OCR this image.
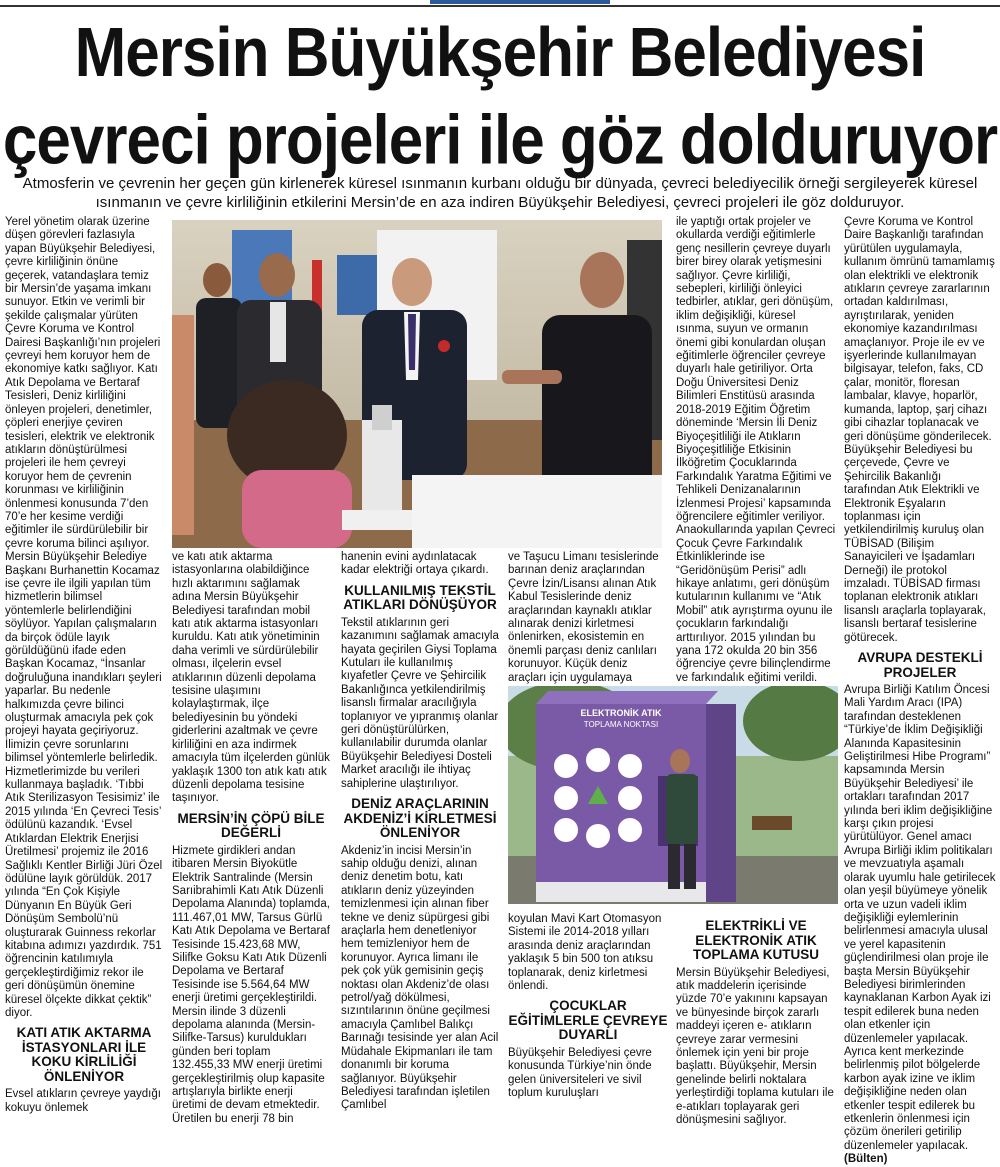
Mersin Büyükşehir Belediyesi
çevreci projeleri ile göz dolduruyor

Atmosferin ve çevrenin her geçen gün kirlenerek küresel ısınmanın kurbanı olduğu bir dünyada, çevreci belediyecilik örneği sergileyerek küresel ısınmanın ve çevre kirliliğinin etkilerini Mersin’de en aza indiren Büyükşehir Belediyesi, çevreci projeleri ile göz dolduruyor.

Yerel yönetim olarak üzerine düşen görevleri fazlasıyla yapan Büyükşehir Belediyesi, çevre kirliliğinin önüne geçerek, vatandaşlara temiz bir Mersin’de yaşama imkanı sunuyor. Etkin ve verimli bir şekilde çalışmalar yürüten Çevre Koruma ve Kontrol Dairesi Başkanlığı’nın projeleri çevreyi hem koruyor hem de ekonomiye katkı sağlıyor. Katı Atık Depolama ve Bertaraf Tesisleri, Deniz kirliliğini önleyen projeleri, denetimler, çöpleri enerjiye çeviren tesisleri, elektrik ve elektronik atıkların dönüştürülmesi projeleri ile hem çevreyi koruyor hem de çevrenin korunması ve kirliliğinin önlenmesi konusunda 7’den 70’e her kesime verdiği eğitimler ile sürdürülebilir bir çevre koruma bilinci aşılıyor. Mersin Büyükşehir Belediye Başkanı Burhanettin Kocamaz ise çevre ile ilgili yapılan tüm hizmetlerin bilimsel yöntemlerle belirlendiğini söylüyor. Yapılan çalışmaların da birçok ödüle layık görüldüğünü ifade eden Başkan Kocamaz, “İnsanlar doğruluğuna inandıkları şeyleri yaparlar. Bu nedenle halkımızda çevre bilinci oluşturmak amacıyla pek çok projeyi hayata geçiriyoruz. İlimizin çevre sorunlarını bilimsel yöntemlerle belirledik. Hizmetlerimizde bu verileri kullanmaya başladık. ‘Tıbbi Atık Sterilizasyon Tesisimiz’ ile 2015 yılında ‘En Çevreci Tesis’ ödülünü kazandık. ‘Evsel Atıklardan Elektrik Enerjisi Üretilmesi’ projemiz ile 2016 Sağlıklı Kentler Birliği Jüri Özel ödülüne layık görüldük. 2017 yılında “En Çok Kişiyle Dünyanın En Büyük Geri Dönüşüm Sembolü’nü oluşturarak Guinness rekorlar kitabına adımızı yazdırdık. 751 öğrencinin katılımıyla gerçekleştirdiğimiz rekor ile geri dönüşümün önemine küresel ölçekte dikkat çektik” diyor.

KATI ATIK AKTARMA İSTASYONLARI İLE KOKU KİRLİLİĞİ ÖNLENİYOR

Evsel atıkların çevreye yaydığı kokuyu önlemek

ve katı atık aktarma istasyonlarına olabildiğince hızlı aktarımını sağlamak adına Mersin Büyükşehir Belediyesi tarafından mobil katı atık aktarma istasyonları kuruldu. Katı atık yönetiminin daha verimli ve sürdürülebilir olması, ilçelerin evsel atıklarının düzenli depolama tesisine ulaşımını kolaylaştırmak, ilçe belediyesinin bu yöndeki giderlerini azaltmak ve çevre kirliliğini en aza indirmek amacıyla tüm ilçelerden günlük yaklaşık 1300 ton atık katı atık düzenli depolama tesisine taşınıyor.

MERSİN’İN ÇÖPÜ BİLE DEĞERLİ

Hizmete girdikleri andan itibaren Mersin Biyokütle Elektrik Santralinde (Mersin Sarıibrahimli Katı Atık Düzenli Depolama Alanında) toplamda, 111.467,01 MW, Tarsus Gürlü Katı Atık Depolama ve Bertaraf Tesisinde 15.423,68 MW, Silifke Goksu Katı Atık Düzenli Depolama ve Bertaraf Tesisinde ise 5.564,64 MW enerji üretimi gerçekleştirildi. Mersin ilinde 3 düzenli depolama alanında (Mersin-Silifke-Tarsus) kuruldukları günden beri toplam 132.455,33 MW enerji üretimi gerçekleştirilmiş olup kapasite artışlarıyla birlikte enerji üretimi de devam etmektedir. Üretilen bu enerji 78 bin

hanenin evini aydınlatacak kadar elektriği ortaya çıkardı.

KULLANILMIŞ TEKSTİL ATIKLARI DÖNÜŞÜYOR

Tekstil atıklarının geri kazanımını sağlamak amacıyla hayata geçirilen Giysi Toplama Kutuları ile kullanılmış kıyafetler Çevre ve Şehircilik Bakanlığınca yetkilendirilmiş lisanslı firmalar aracılığıyla toplanıyor ve yıpranmış olanlar geri dönüştürülürken, kullanılabilir durumda olanlar Büyükşehir Belediyesi Dosteli Market aracılığı ile ihtiyaç sahiplerine ulaştırılıyor.

DENİZ ARAÇLARININ AKDENİZ’İ KİRLETMESİ ÖNLENİYOR

Akdeniz’in incisi Mersin’in sahip olduğu denizi, alınan deniz denetim botu, katı atıkların deniz yüzeyinden temizlenmesi için alınan fiber tekne ve deniz süpürgesi gibi araçlarla hem denetleniyor hem temizleniyor hem de korunuyor. Ayrıca limanı ile pek çok yük gemisinin geçiş noktası olan Akdeniz’de olası petrol/yağ dökülmesi, sızıntılarının önüne geçilmesi amacıyla Çamlıbel Balıkçı Barınağı tesisinde yer alan Acil Müdahale Ekipmanları ile tam donanımlı bir koruma sağlanıyor. Büyükşehir Belediyesi tarafından işletilen Çamlıbel

ve Taşucu Limanı tesislerinde barınan deniz araçlarından Çevre İzin/Lisansı alınan Atık Kabul Tesislerinde deniz araçlarından kaynaklı atıklar alınarak denizi kirletmesi önlenirken, ekosistemin en önemli parçası deniz canlıları korunuyor. Küçük deniz araçları için uygulamaya

ELEKTRONİK ATIK
TOPLAMA NOKTASI

koyulan Mavi Kart Otomasyon Sistemi ile 2014-2018 yılları arasında deniz araçlarından yaklaşık 5 bin 500 ton atıksu toplanarak, deniz kirletmesi önlendi.

ÇOCUKLAR EĞİTİMLERLE ÇEVREYE DUYARLI

Büyükşehir Belediyesi çevre konusunda Türkiye’nin önde gelen üniversiteleri ve sivil toplum kuruluşları

ile yaptığı ortak projeler ve okullarda verdiği eğitimlerle genç nesillerin çevreye duyarlı birer birey olarak yetişmesini sağlıyor. Çevre kirliliği, sebepleri, kirliliği önleyici tedbirler, atıklar, geri dönüşüm, iklim değişikliği, küresel ısınma, suyun ve ormanın önemi gibi konulardan oluşan eğitimlerle öğrenciler çevreye duyarlı hale getiriliyor. Orta Doğu Üniversitesi Deniz Bilimleri Enstitüsü arasında 2018-2019 Eğitim Öğretim döneminde ‘Mersin İli Deniz Biyoçeşitliliği ile Atıkların Biyoçeşitliliğe Etkisinin İlköğretim Çocuklarında Farkındalık Yaratma Eğitimi ve Tehlikeli Denizanalarının İzlenmesi Projesi’ kapsamında öğrencilere eğitimler veriliyor. Anaokullarında yapılan Çevreci Çocuk Çevre Farkındalık Etkinliklerinde ise “Geridönüşüm Perisi” adlı hikaye anlatımı, geri dönüşüm kutularının kullanımı ve “Atık Mobil” atık ayrıştırma oyunu ile çocukların farkındalığı arttırılıyor. 2015 yılından bu yana 172 okulda 20 bin 356 öğrenciye çevre bilinçlendirme ve farkındalık eğitimi verildi.

ELEKTRİKLİ VE ELEKTRONİK ATIK TOPLAMA KUTUSU

Mersin Büyükşehir Belediyesi, atık maddelerin içerisinde yüzde 70’e yakınını kapsayan ve bünyesinde birçok zararlı maddeyi içeren e- atıkların çevreye zarar vermesini önlemek için yeni bir proje başlattı. Büyükşehir, Mersin genelinde belirli noktalara yerleştirdiği toplama kutuları ile e-atıkları toplayarak geri dönüşmesini sağlıyor.

Çevre Koruma ve Kontrol Daire Başkanlığı tarafından yürütülen uygulamayla, kullanım ömrünü tamamlamış olan elektrikli ve elektronik atıkların çevreye zararlarının ortadan kaldırılması, ayrıştırılarak, yeniden ekonomiye kazandırılması amaçlanıyor. Proje ile ev ve işyerlerinde kullanılmayan bilgisayar, telefon, faks, CD çalar, monitör, floresan lambalar, klavye, hoparlör, kumanda, laptop, şarj cihazı gibi cihazlar toplanacak ve geri dönüşüme gönderilecek. Büyükşehir Belediyesi bu çerçevede, Çevre ve Şehircilik Bakanlığı tarafından Atık Elektrikli ve Elektronik Eşyaların toplanması için yetkilendirilmiş kuruluş olan TÜBİSAD (Bilişim Sanayicileri ve İşadamları Derneği) ile protokol imzaladı. TÜBİSAD firması toplanan elektronik atıkları lisanslı araçlarla toplayarak, lisanslı bertaraf tesislerine götürecek.

AVRUPA DESTEKLİ PROJELER

Avrupa Birliği Katılım Öncesi Mali Yardım Aracı (IPA) tarafından desteklenen “Türkiye’de İklim Değişikliği Alanında Kapasitesinin Geliştirilmesi Hibe Programı” kapsamında Mersin Büyükşehir Belediyesi’ ile ortakları tarafından 2017 yılında beri iklim değişikliğine karşı çıkın projesi yürütülüyor. Genel amacı Avrupa Birliği iklim politikaları ve mevzuatıyla aşamalı olarak uyumlu hale getirilecek olan yeşil büyümeye yönelik orta ve uzun vadeli iklim değişikliği eylemlerinin belirlenmesi amacıyla ulusal ve yerel kapasitenin güçlendirilmesi olan proje ile başta Mersin Büyükşehir Belediyesi birimlerinden kaynaklanan Karbon Ayak izi tespit edilerek buna neden olan etkenler için düzenlemeler yapılacak. Ayrıca kent merkezinde belirlenmiş pilot bölgelerde karbon ayak izine ve iklim değişikliğine neden olan etkenler tespit edilerek bu etkenlerin önlenmesi için çözüm önerileri getirilip düzenlemeler yapılacak.

(Bülten)
